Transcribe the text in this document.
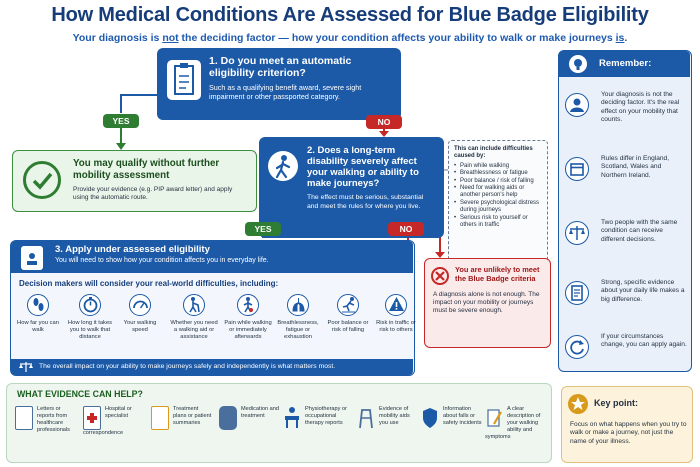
How Medical Conditions Are Assessed for Blue Badge Eligibility
Your diagnosis is not the deciding factor — how your condition affects your ability to walk or make journeys is.
1. Do you meet an automatic eligibility criterion?

Such as a qualifying benefit award, severe sight impairment or other passported category.

YES	NO
You may qualify without further mobility assessment

Provide your evidence (e.g. PIP award letter) and apply using the automatic route.

2. Does a long-term disability severely affect your walking or ability to make journeys?

The effect must be serious, substantial and meet the rules for where you live.

This can include difficulties caused by:
• Pain while walking
• Breathlessness or fatigue
• Poor balance / risk of falling
• Need for walking aids or another person's help
• Severe psychological distress during journeys
• Serious risk to yourself or others in traffic
YES	NO
3. Apply under assessed eligibility

You will need to show how your condition affects you in everyday life.

Decision makers will consider your real-world difficulties, including:
How far you can walk
How long it takes you to walk that distance
Your walking speed
Whether you need a walking aid or assistance
Pain while walking or immediately afterwards
Breathlessness, fatigue or exhaustion
Poor balance or risk of falling
Risk in traffic or risk to others
The overall impact on your ability to make journeys safely and independently is what matters most.
You are unlikely to meet the Blue Badge criteria

A diagnosis alone is not enough. The impact on your mobility or journeys must be severe enough.

Remember:

Your diagnosis is not the deciding factor. It's the real effect on your mobility that counts.

Rules differ in England, Scotland, Wales and Northern Ireland.

Two people with the same condition can receive different decisions.

Strong, specific evidence about your daily life makes a big difference.

If your circumstances change, you can apply again.

WHAT EVIDENCE CAN HELP?
Letters or reports from healthcare professionals
Hospital or specialist correspondence
Treatment plans or patient summaries
Medication and treatment
Physiotherapy or occupational therapy reports
Evidence of mobility aids you use
Information about falls or safety incidents
A clear description of your walking ability and symptoms
Key point:

Focus on what happens when you try to walk or make a journey, not just the name of your illness.
